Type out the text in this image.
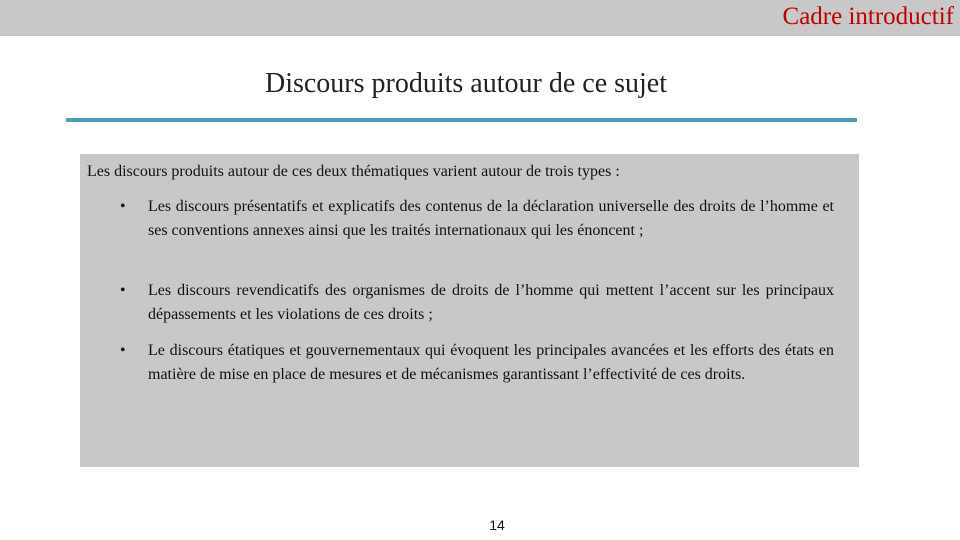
Cadre introductif
Discours produits autour de ce sujet
Les discours produits autour de ces deux thématiques varient autour de trois types :
• Les discours présentatifs et explicatifs des contenus de la déclaration universelle des droits de l’homme et ses conventions annexes ainsi que les traités internationaux qui les énoncent ;
• Les discours revendicatifs des organismes de droits de l’homme qui mettent l’accent sur les principaux dépassements et les violations de ces droits ;
• Le discours étatiques et gouvernementaux qui évoquent les principales avancées et les efforts des états en matière de mise en place de mesures et de mécanismes garantissant l’effectivité de ces droits.
14
